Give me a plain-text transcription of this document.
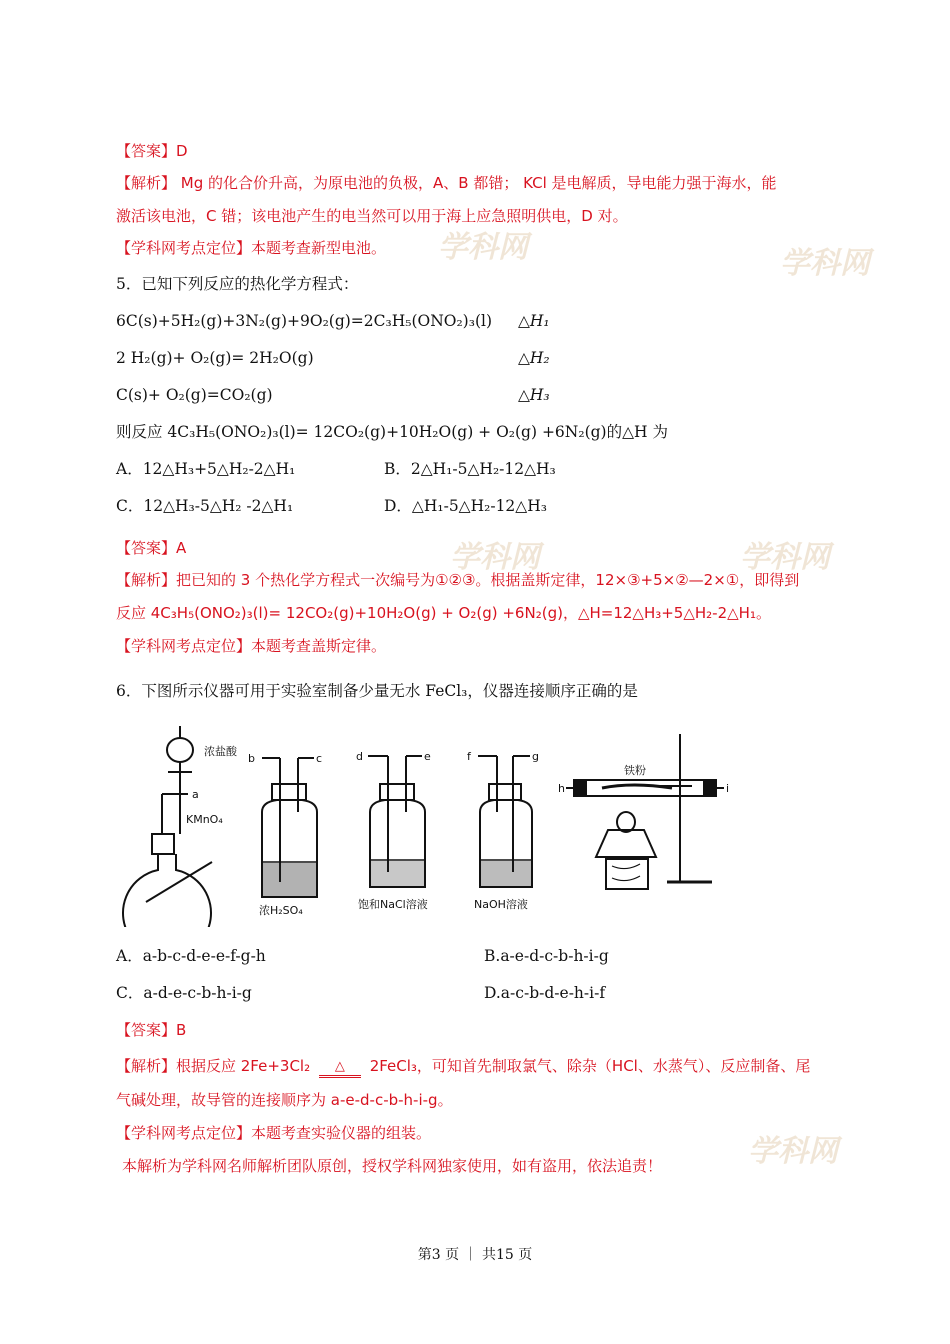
学科网	学科网
学科网	学科网
学科网
【答案】D
【解析】 Mg 的化合价升高，为原电池的负极，A、B 都错； KCl 是电解质，导电能力强于海水，能
激活该电池，C 错；该电池产生的电当然可以用于海上应急照明供电，D 对。
【学科网考点定位】本题考查新型电池。
5．已知下列反应的热化学方程式：
6C(s)+5H₂(g)+3N₂(g)+9O₂(g)=2C₃H₅(ONO₂)₃(l) △H₁
2 H₂(g)+ O₂(g)= 2H₂O(g)	△H₂
C(s)+ O₂(g)=CO₂(g)	△H₃
则反应 4C₃H₅(ONO₂)₃(l)= 12CO₂(g)+10H₂O(g) + O₂(g) +6N₂(g)的△H 为
A．12△H₃+5△H₂-2△H₁	B．2△H₁-5△H₂-12△H₃
C．12△H₃-5△H₂ -2△H₁	D．△H₁-5△H₂-12△H₃
【答案】A
【解析】把已知的 3 个热化学方程式一次编号为①②③。根据盖斯定律，12×③+5×②—2×①，即得到
反应 4C₃H₅(ONO₂)₃(l)= 12CO₂(g)+10H₂O(g) + O₂(g) +6N₂(g)，△H=12△H₃+5△H₂-2△H₁。
【学科网考点定位】本题考查盖斯定律。
6．下图所示仪器可用于实验室制备少量无水 FeCl₃，仪器连接顺序正确的是
浓盐酸
KMnO₄
浓H₂SO₄	饱和NaCl溶液	NaOH溶液
铁粉
a
b	c	d	e	f	g
h	i
A．a-b-c-d-e-e-f-g-h	B.a-e-d-c-b-h-i-g
C．a-d-e-c-b-h-i-g	D.a-c-b-d-e-h-i-f
【答案】B
【解析】根据反应 2Fe+3Cl₂ △ 2FeCl₃，可知首先制取氯气、除杂（HCl、水蒸气）、反应制备、尾
气碱处理，故导管的连接顺序为 a-e-d-c-b-h-i-g。
【学科网考点定位】本题考查实验仪器的组装。
本解析为学科网名师解析团队原创，授权学科网独家使用，如有盗用，依法追责！
第3 页 ｜ 共15 页
